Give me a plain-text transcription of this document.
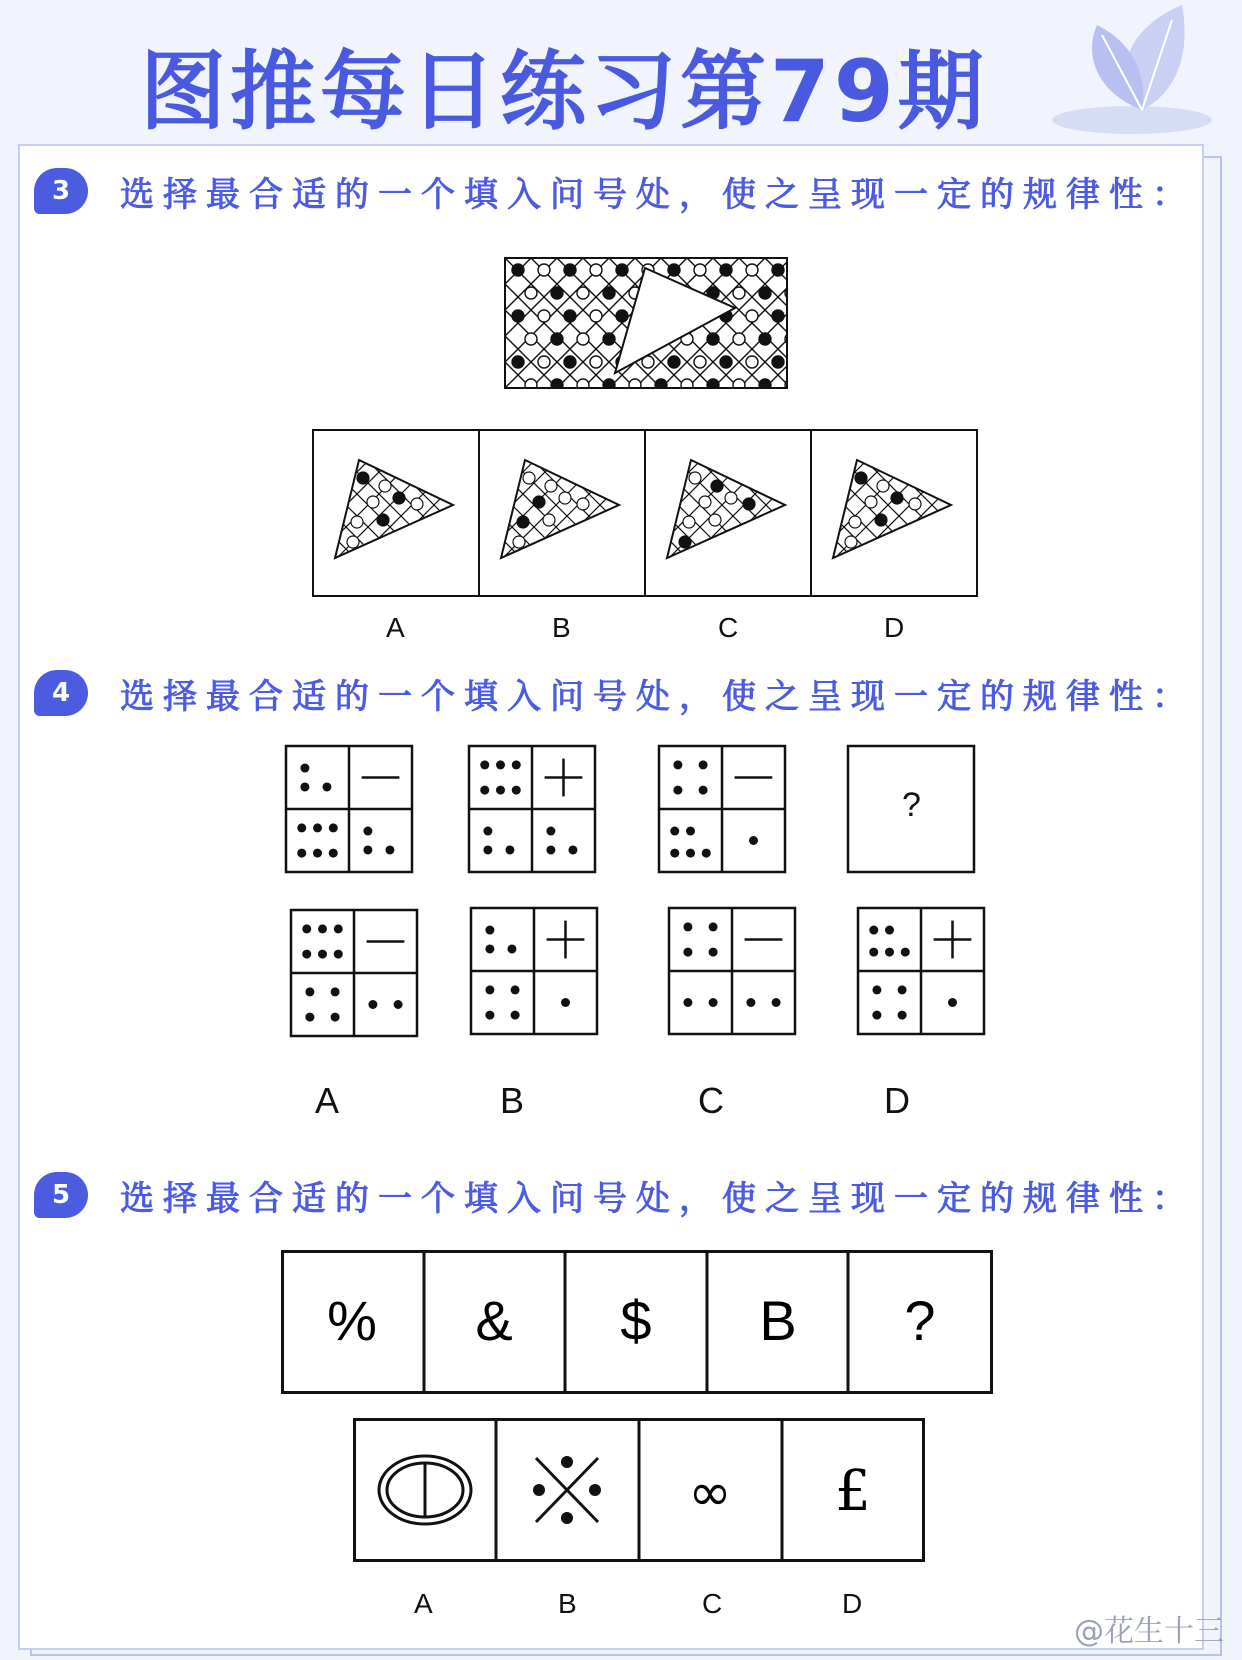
图推每日练习第79期
3	选择最合适的一个填入问号处，使之呈现一定的规律性：
A	B	C	D
4	选择最合适的一个填入问号处，使之呈现一定的规律性：
?
A	B	C	D
5	选择最合适的一个填入问号处，使之呈现一定的规律性：
% & $ B ?
∞ £
A	B	C	D
@花生十三
